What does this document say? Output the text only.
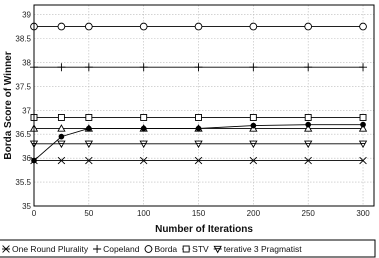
0	50	100	150	200	250	300
35
35.5
36
36.5
37
37.5
38
38.5
39
Number of Iterations
Borda Score of Winner
One Round Plurality Copeland Borda STV terative 3 Pragmatist
